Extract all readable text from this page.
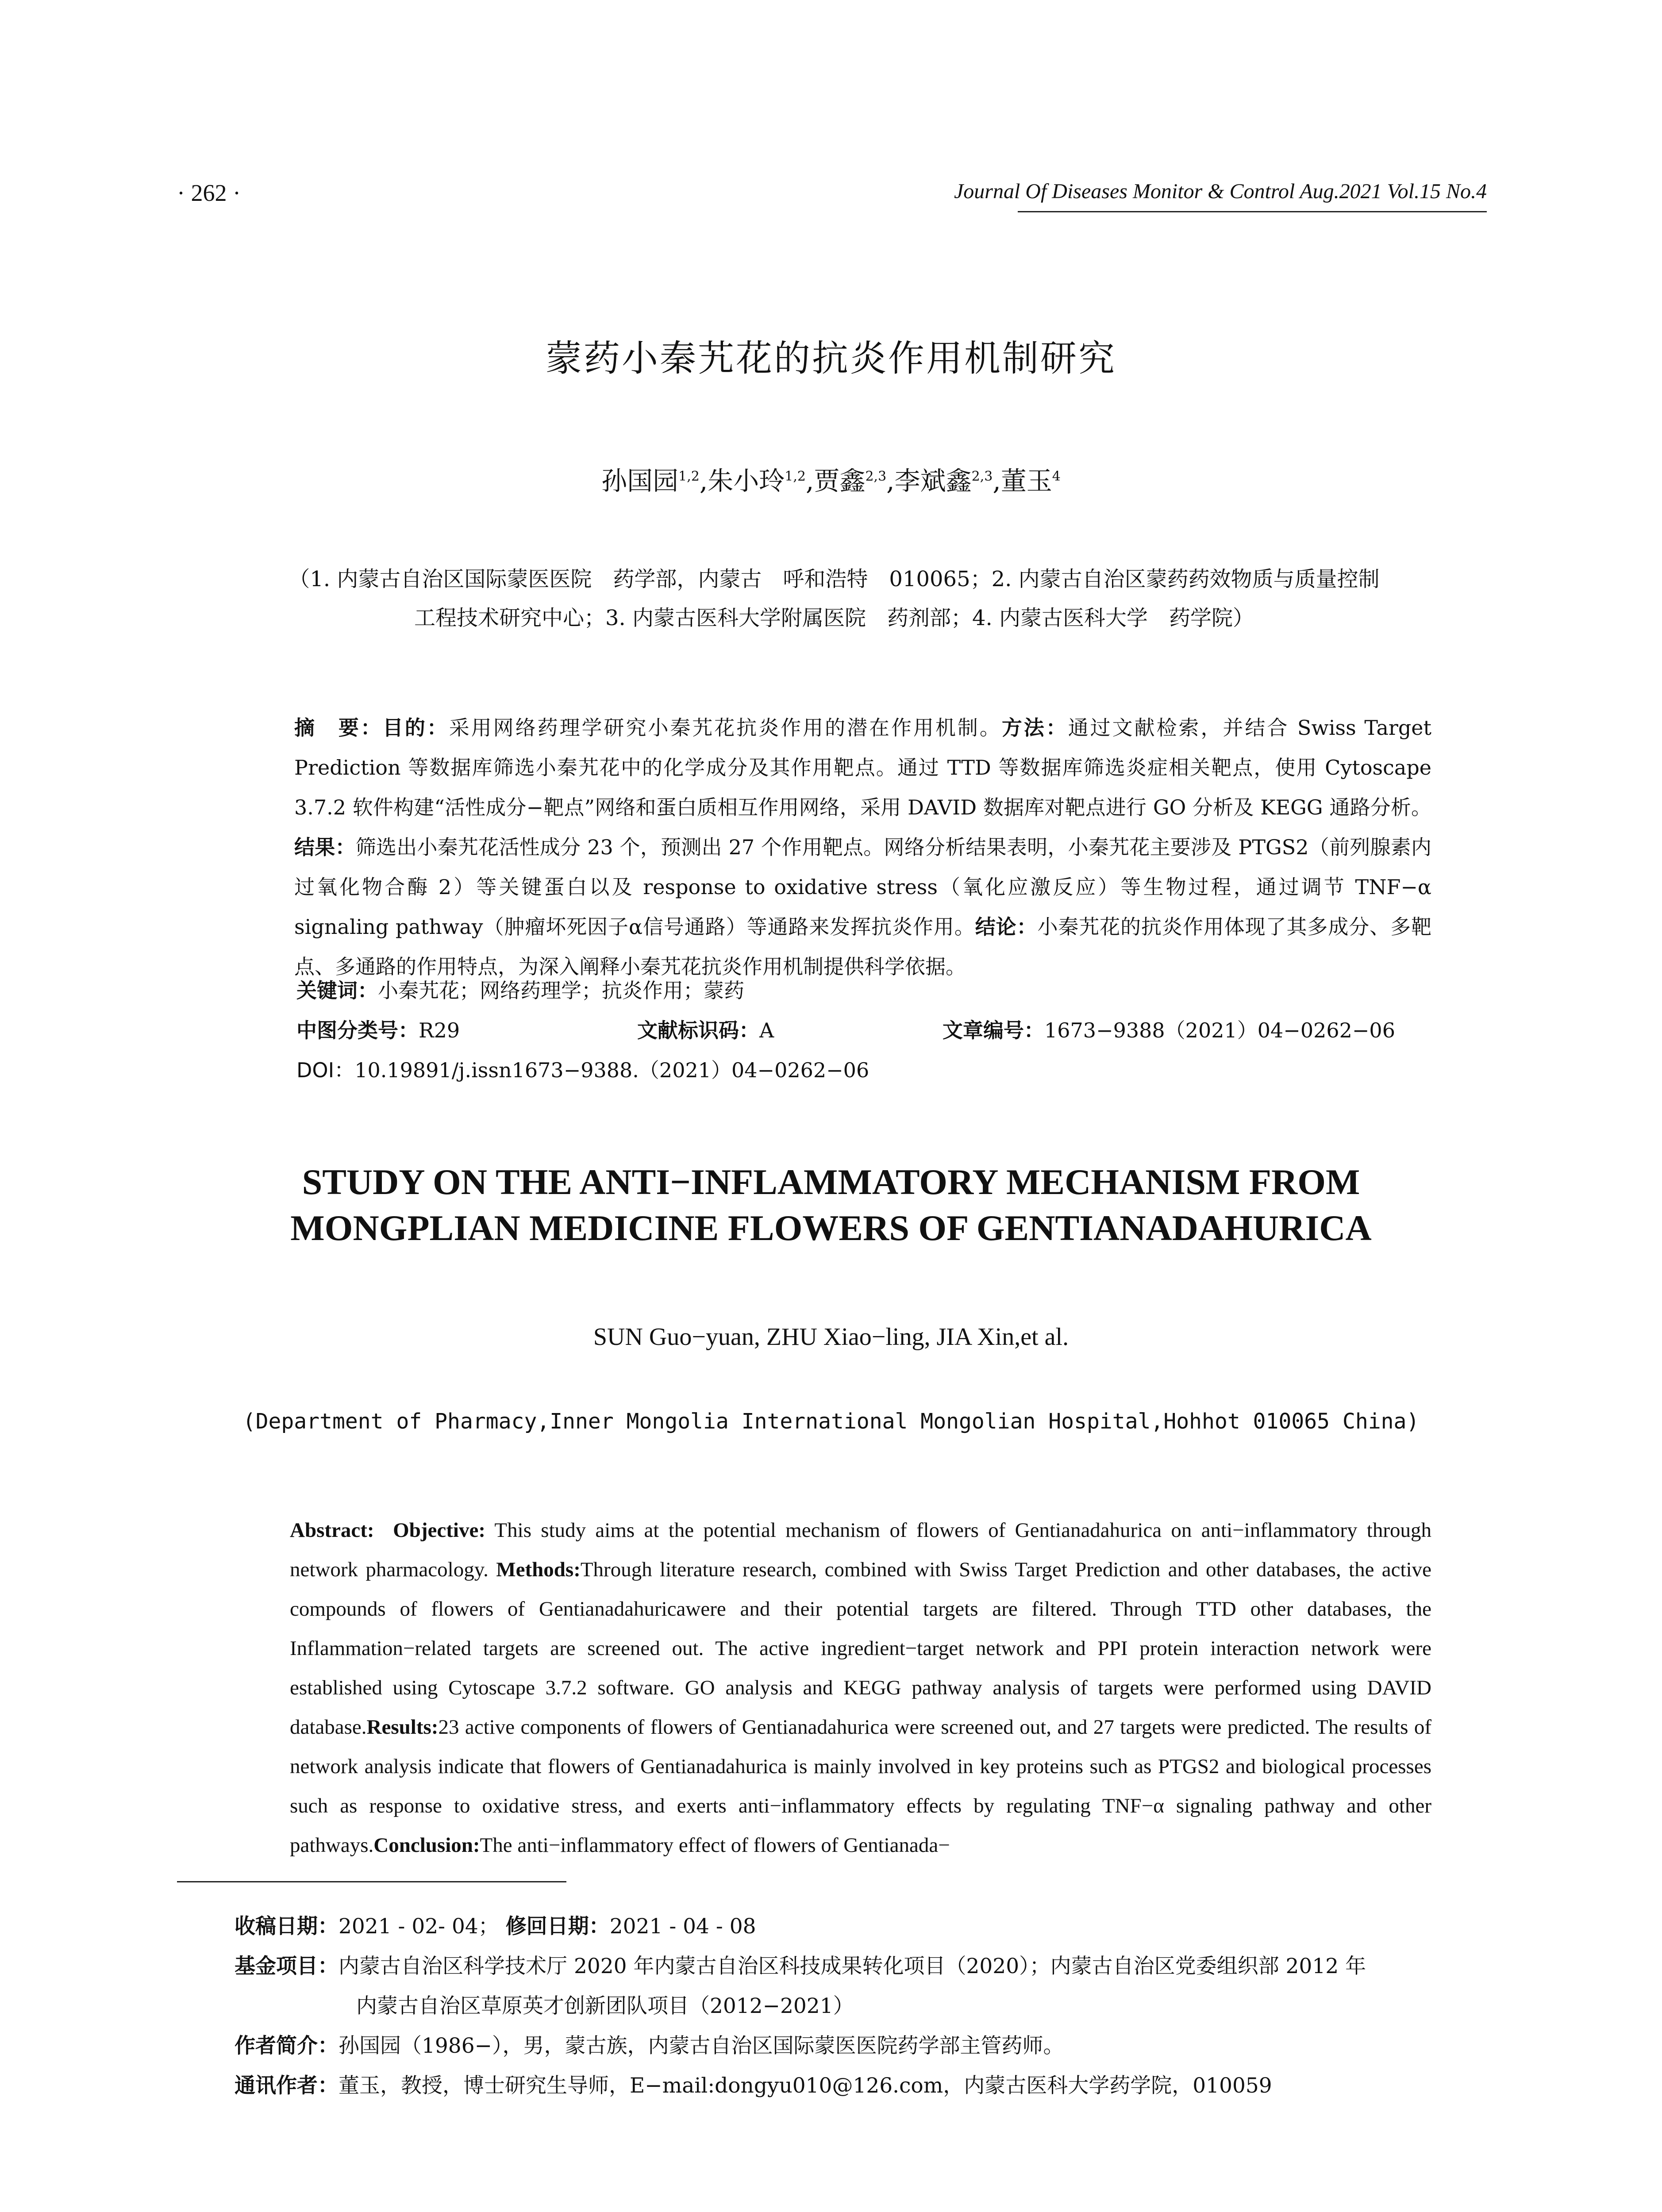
· 262 ·	Journal Of Diseases Monitor & Control Aug.2021 Vol.15 No.4
蒙药小秦艽花的抗炎作用机制研究
孙国园$^{1,2}$,朱小玲$^{1,2}$,贾鑫$^{2,3}$,李斌鑫$^{2,3}$,董玉$^4$
（1. 内蒙古自治区国际蒙医医院　药学部，内蒙古　呼和浩特　010065；2. 内蒙古自治区蒙药药效物质与质量控制
工程技术研究中心；3. 内蒙古医科大学附属医院　药剂部；4. 内蒙古医科大学　药学院）
摘　要：目的：采用网络药理学研究小秦艽花抗炎作用的潜在作用机制。方法：通过文献检索，并结合 Swiss Target Prediction 等数据库筛选小秦艽花中的化学成分及其作用靶点。通过 TTD 等数据库筛选炎症相关靶点，使用 Cytoscape 3.7.2 软件构建“活性成分−靶点”网络和蛋白质相互作用网络，采用 DAVID 数据库对靶点进行 GO 分析及 KEGG 通路分析。结果：筛选出小秦艽花活性成分 23 个，预测出 27 个作用靶点。网络分析结果表明，小秦艽花主要涉及 PTGS2（前列腺素内过氧化物合酶 2）等关键蛋白以及 response to oxidative stress（氧化应激反应）等生物过程，通过调节 TNF−α signaling pathway（肿瘤坏死因子α信号通路）等通路来发挥抗炎作用。结论：小秦艽花的抗炎作用体现了其多成分、多靶点、多通路的作用特点，为深入阐释小秦艽花抗炎作用机制提供科学依据。
关键词：小秦艽花；网络药理学；抗炎作用；蒙药
中图分类号：R29	文献标识码：A	文章编号：1673−9388（2021）04−0262−06
DOI：10.19891/j.issn1673−9388.（2021）04−0262−06
STUDY ON THE ANTI−INFLAMMATORY MECHANISM FROM
MONGPLIAN MEDICINE FLOWERS OF GENTIANADAHURICA
SUN Guo−yuan, ZHU Xiao−ling, JIA Xin,et al.
(Department of Pharmacy,Inner Mongolia International Mongolian Hospital,Hohhot 010065 China)
Abstract: Objective: This study aims at the potential mechanism of flowers of Gentianadahurica on anti−inflammatory through network pharmacology. Methods:Through literature research, combined with Swiss Target Prediction and other databases, the active compounds of flowers of Gentianadahuricawere and their potential targets are filtered. Through TTD other databases, the Inflammation−related targets are screened out. The active ingredient−target network and PPI protein interaction network were established using Cytoscape 3.7.2 software. GO analysis and KEGG pathway analysis of targets were performed using DAVID database.Results:23 active components of flowers of Gentianadahurica were screened out, and 27 targets were predicted. The results of network analysis indicate that flowers of Gentianadahurica is mainly involved in key proteins such as PTGS2 and biological processes such as response to oxidative stress, and exerts anti−inflammatory effects by regulating TNF−α signaling pathway and other pathways.Conclusion:The anti−inflammatory effect of flowers of Gentianada−
收稿日期：2021 - 02- 04； 修回日期：2021 - 04 - 08
基金项目：内蒙古自治区科学技术厅 2020 年内蒙古自治区科技成果转化项目（2020）；内蒙古自治区党委组织部 2012 年
内蒙古自治区草原英才创新团队项目（2012−2021）
作者简介：孙国园（1986−），男，蒙古族，内蒙古自治区国际蒙医医院药学部主管药师。
通讯作者：董玉，教授，博士研究生导师，E−mail:dongyu010@126.com，内蒙古医科大学药学院，010059
